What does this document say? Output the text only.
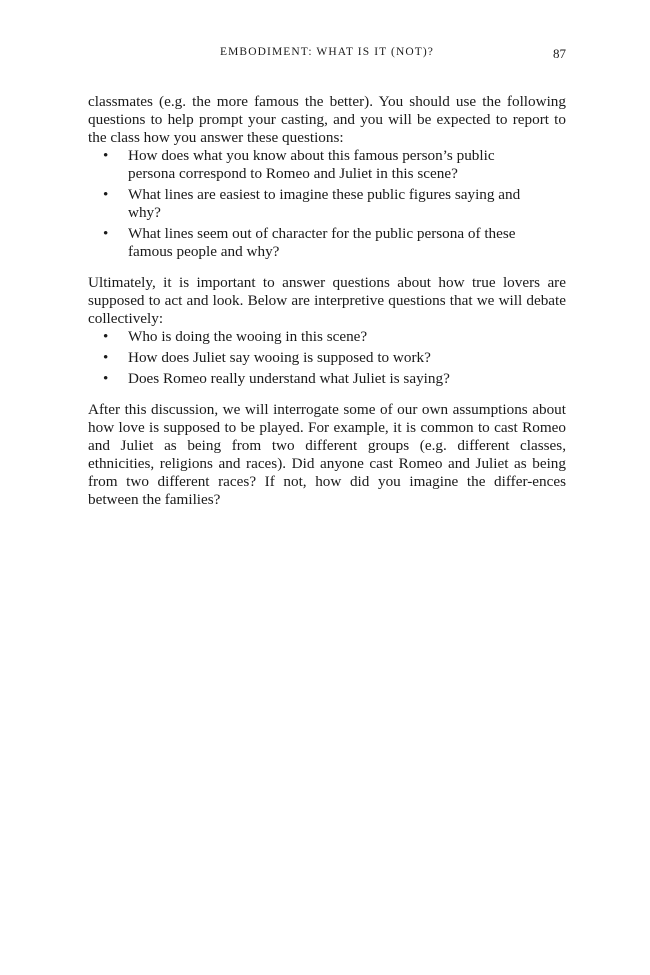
EMBODIMENT: WHAT IS IT (NOT)?	87

classmates (e.g. the more famous the better). You should use the following questions to help prompt your casting, and you will be expected to report to the class how you answer these questions:

• How does what you know about this famous person’s public persona correspond to Romeo and Juliet in this scene?
• What lines are easiest to imagine these public figures saying and why?
• What lines seem out of character for the public persona of these famous people and why?

Ultimately, it is important to answer questions about how true lovers are supposed to act and look. Below are interpretive questions that we will debate collectively:

• Who is doing the wooing in this scene?
• How does Juliet say wooing is supposed to work?
• Does Romeo really understand what Juliet is saying?

After this discussion, we will interrogate some of our own assumptions about how love is supposed to be played. For example, it is common to cast Romeo and Juliet as being from two different groups (e.g. different classes, ethnicities, religions and races). Did anyone cast Romeo and Juliet as being from two different races? If not, how did you imagine the differ-ences between the families?
